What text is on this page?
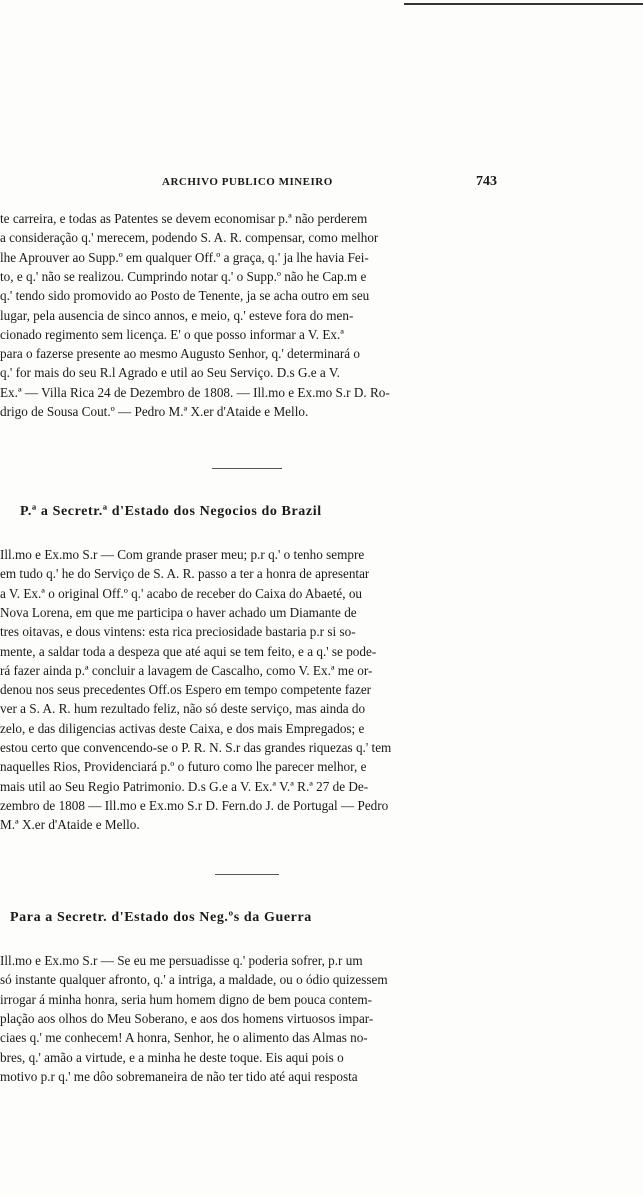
ARCHIVO PUBLICO MINEIRO	743
te carreira, e todas as Patentes se devem economisar p.ª não perderem
a consideração q.' merecem, podendo S. A. R. compensar, como melhor
lhe Aprouver ao Supp.º em qualquer Off.º a graça, q.' ja lhe havia Fei-
to, e q.' não se realizou. Cumprindo notar q.' o Supp.º não he Cap.m e
q.' tendo sido promovido ao Posto de Tenente, ja se acha outro em seu
lugar, pela ausencia de sinco annos, e meio, q.' esteve fora do men-
cionado regimento sem licença. E' o que posso informar a V. Ex.ª
para o fazerse presente ao mesmo Augusto Senhor, q.' determinará o
q.' for mais do seu R.l Agrado e util ao Seu Serviço. D.s G.e a V.
Ex.ª — Villa Rica 24 de Dezembro de 1808. — Ill.mo e Ex.mo S.r D. Ro-
drigo de Sousa Cout.º — Pedro M.ª X.er d'Ataide e Mello.
P.ª a Secretr.ª d'Estado dos Negocios do Brazil
Ill.mo e Ex.mo S.r — Com grande praser meu; p.r q.' o tenho sempre
em tudo q.' he do Serviço de S. A. R. passo a ter a honra de apresentar
a V. Ex.ª o original Off.º q.' acabo de receber do Caixa do Abaeté, ou
Nova Lorena, em que me participa o haver achado um Diamante de
tres oitavas, e dous vintens: esta rica preciosidade bastaria p.r si so-
mente, a saldar toda a despeza que até aqui se tem feito, e a q.' se pode-
rá fazer ainda p.ª concluir a lavagem de Cascalho, como V. Ex.ª me or-
denou nos seus precedentes Off.os Espero em tempo competente fazer
ver a S. A. R. hum rezultado feliz, não só deste serviço, mas ainda do
zelo, e das diligencias activas deste Caixa, e dos mais Empregados; e
estou certo que convencendo-se o P. R. N. S.r das grandes riquezas q.' tem
naquelles Rios, Providenciará p.º o futuro como lhe parecer melhor, e
mais util ao Seu Regio Patrimonio. D.s G.e a V. Ex.ª V.ª R.ª 27 de De-
zembro de 1808 — Ill.mo e Ex.mo S.r D. Fern.do J. de Portugal — Pedro
M.ª X.er d'Ataide e Mello.
Para a Secretr. d'Estado dos Neg.ºs da Guerra
Ill.mo e Ex.mo S.r — Se eu me persuadisse q.' poderia sofrer, p.r um
só instante qualquer afronto, q.' a intriga, a maldade, ou o ódio quizessem
irrogar á minha honra, seria hum homem digno de bem pouca contem-
plação aos olhos do Meu Soberano, e aos dos homens virtuosos impar-
ciaes q.' me conhecem! A honra, Senhor, he o alimento das Almas no-
bres, q.' amão a virtude, e a minha he deste toque. Eis aqui pois o
motivo p.r q.' me dôo sobremaneira de não ter tido até aqui resposta
